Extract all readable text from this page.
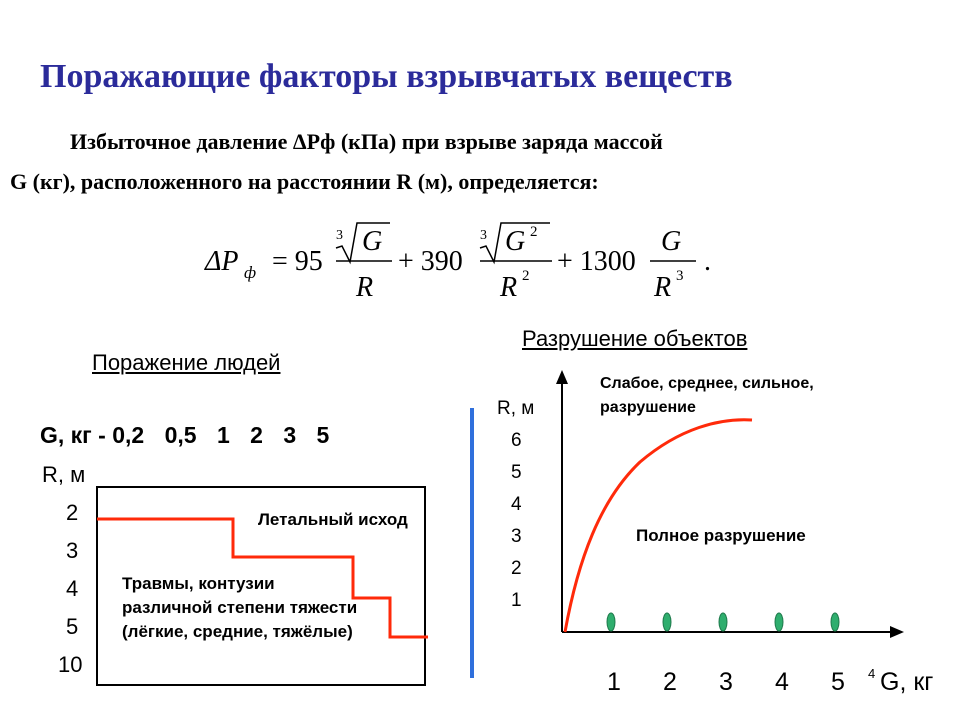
Поражающие факторы взрывчатых веществ
Избыточное давление ΔPф (кПа) при взрыве заряда массой
G (кг), расположенного на расстоянии R (м), определяется:
ΔP ф = 95
3 G
R
+ 390
3 G 2
R 2 + 1300
G
R 3 .
Поражение людей
Разрушение объектов
G, кг - 0,2 0,5 1 2 3 5
R, м
2
3
4
5
10
Летальный исход
Травмы, контузии различной степени тяжести (лёгкие, средние, тяжёлые)
R, м
6
5
4
3
2
1
Слабое, среднее, сильное, разрушение
Полное разрушение
1 2 3 4 5 4 G, кг
